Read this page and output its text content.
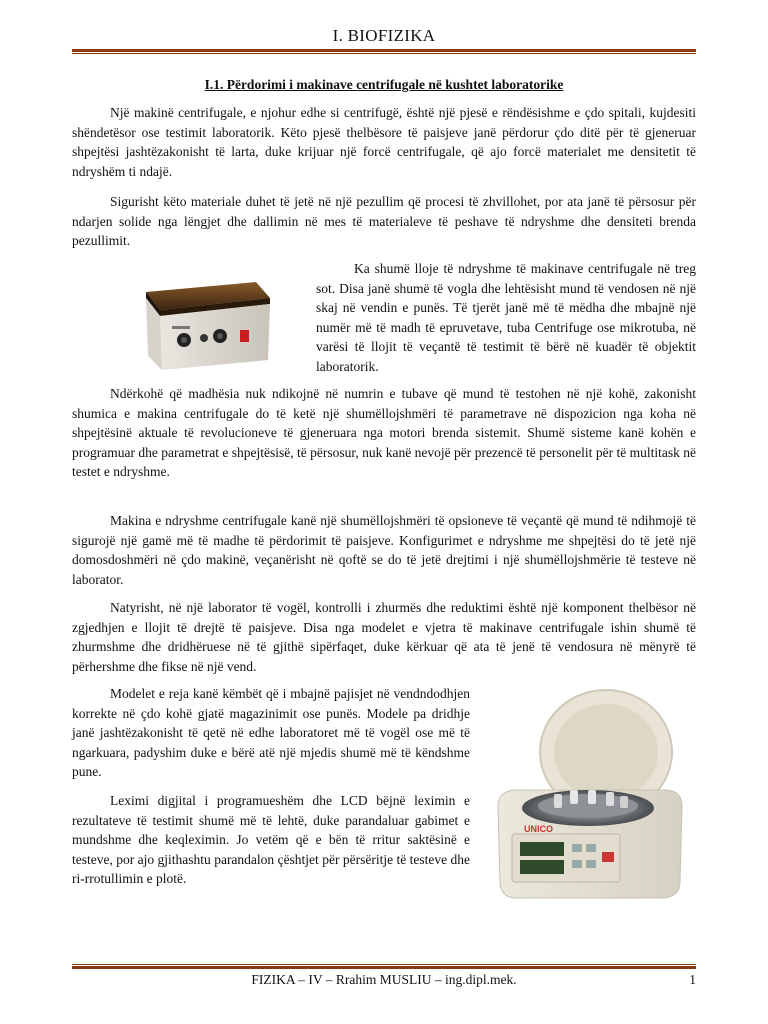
I. BIOFIZIKA
I.1. Përdorimi i makinave centrifugale në kushtet laboratorike

Një makinë centrifugale, e njohur edhe si centrifugë, është një pjesë e rëndësishme e çdo spitali, kujdesiti shëndetësor ose testimit laboratorik. Këto pjesë thelbësore të paisjeve janë përdorur çdo ditë për të gjeneruar shpejtësi jashtëzakonisht të larta, duke krijuar një forcë centrifugale, që ajo forcë materialet me densitetit të ndryshëm ti ndajë.

Sigurisht këto materiale duhet të jetë në një pezullim që procesi të zhvillohet, por ata janë të përsosur për ndarjen solide nga lëngjet dhe dallimin në mes të materialeve të peshave të ndryshme dhe densiteti brenda pezullimit.

Ka shumë lloje të ndryshme të makinave centrifugale në treg sot. Disa janë shumë të vogla dhe lehtësisht mund të vendosen në një skaj në vendin e punës. Të tjerët janë më të mëdha dhe mbajnë një numër më të madh të epruvetave, tuba Centrifuge ose mikrotuba, në varësi të llojit të veçantë të testimit të bërë në kuadër të objektit laboratorik.

Ndërkohë që madhësia nuk ndikojnë në numrin e tubave që mund të testohen në një kohë, zakonisht shumica e makina centrifugale do të ketë një shumëllojshmëri të parametrave në dispozicion nga koha në shpejtësinë aktuale të revolucioneve të gjeneruara nga motori brenda sistemit. Shumë sisteme kanë kohën e programuar dhe parametrat e shpejtësisë, të përsosur, nuk kanë nevojë për prezencë të personelit për të multitask në testet e ndryshme.

Makina e ndryshme centrifugale kanë një shumëllojshmëri të opsioneve të veçantë që mund të ndihmojë të sigurojë një gamë më të madhe të përdorimit të paisjeve. Konfigurimet e ndryshme me shpejtësi do të jetë një domosdoshmëri në çdo makinë, veçanërisht në qoftë se do të jetë drejtimi i një shumëllojshmërie të testeve në laborator.

Natyrisht, në një laborator të vogël, kontrolli i zhurmës dhe reduktimi është një komponent thelbësor në zgjedhjen e llojit të drejtë të paisjeve. Disa nga modelet e vjetra të makinave centrifugale ishin shumë të zhurmshme dhe dridhëruese në të gjithë sipërfaqet, duke kërkuar që ata të jenë të vendosura në mënyrë të përhershme dhe fikse në një vend.

Modelet e reja kanë këmbët që i mbajnë pajisjet në vendndodhjen korrekte në çdo kohë gjatë magazinimit ose punës. Modele pa dridhje janë jashtëzakonisht të qetë në edhe laboratoret më të vogël ose më të ngarkuara, padyshim duke e bërë atë një mjedis shumë më të këndshme pune.

Leximi digjital i programueshëm dhe LCD bëjnë leximin e rezultateve të testimit shumë më të lehtë, duke parandaluar gabimet e mundshme dhe keqleximin. Jo vetëm që e bën të rritur saktësinë e testeve, por ajo gjithashtu parandalon çështjet për përsëritje të testeve dhe ri-rrotullimin e plotë.

UNICO
FIZIKA – IV – Rrahim MUSLIU – ing.dipl.mek.	1
